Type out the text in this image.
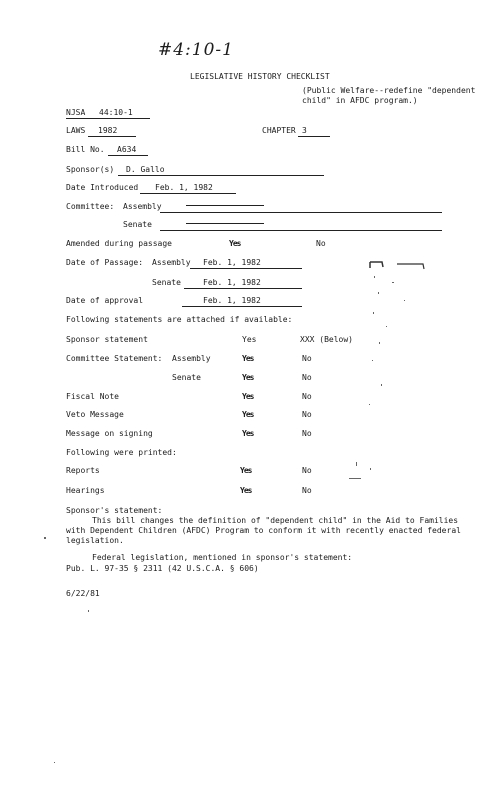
#4:10-1
LEGISLATIVE HISTORY CHECKLIST
(Public Welfare--redefine "dependent
child" in AFDC program.)
NJSA 44:10-1
LAWS 1982	CHAPTER 3
Bill No. A634
Sponsor(s) D. Gallo
Date Introduced Feb. 1, 1982
Committee: Assembly
Senate
Amended during passage	Yes	No
Date of Passage: Assembly Feb. 1, 1982
Senate	Feb. 1, 1982
Date of approval	Feb. 1, 1982
Following statements are attached if available:
Sponsor statement	Yes	XXX (Below)
Committee Statement: Assembly	Yes	No
Senate	Yes	No
Fiscal Note	Yes	No
Veto Message	Yes	No
Message on signing	Yes	No
Following were printed:
Reports	Yes	No
Hearings	Yes	No
Sponsor's statement:
This bill changes the definition of "dependent child" in the Aid to Families
with Dependent Children (AFDC) Program to conform it with recently enacted federal
legislation.
Federal legislation, mentioned in sponsor's statement:
Pub. L. 97-35 § 2311 (42 U.S.C.A. § 606)
6/22/81
